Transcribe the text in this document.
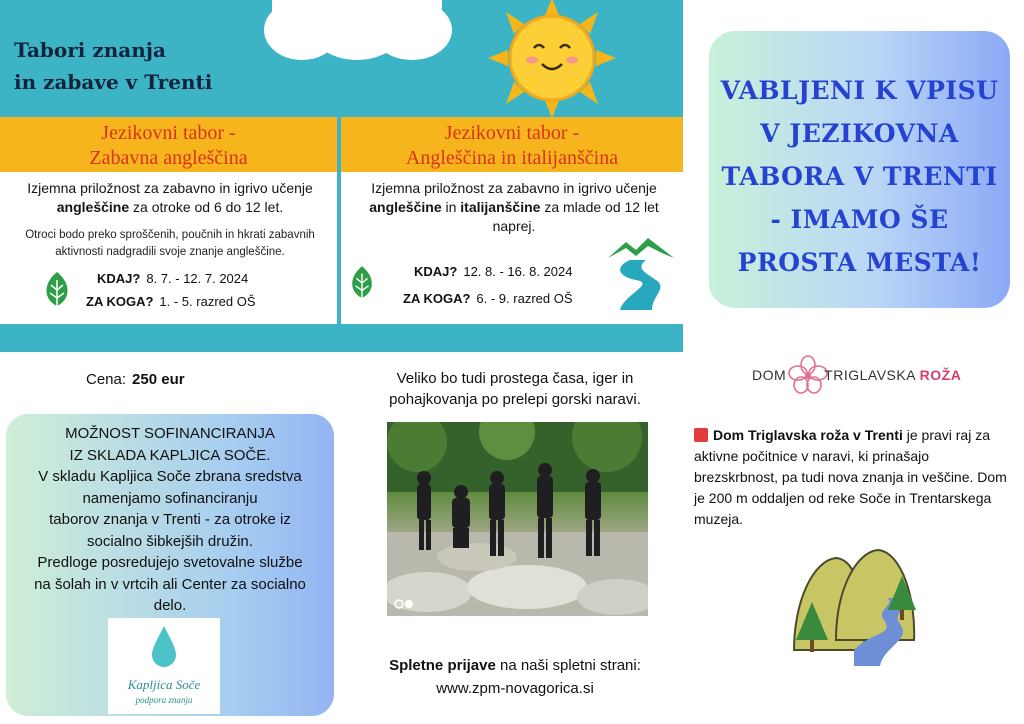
Tabori znanja
in zabave v Trenti
Jezikovni tabor -
Zabavna angleščina
Izjemna priložnost za zabavno in igrivo učenje angleščine za otroke od 6 do 12 let.
Otroci bodo preko sproščenih, poučnih in hkrati zabavnih aktivnosti nadgradili svoje znanje angleščine.
KDAJ? 8. 7. - 12. 7. 2024
ZA KOGA? 1. - 5. razred OŠ
Jezikovni tabor -
Angleščina in italijanščina
Izjemna priložnost za zabavno in igrivo učenje angleščine in italijanščine za mlade od 12 let naprej.
KDAJ? 12. 8. - 16. 8. 2024
ZA KOGA? 6. - 9. razred OŠ
VABLJENI K VPISU
V JEZIKOVNA
TABORA V TRENTI
- IMAMO ŠE
PROSTA MESTA!
DOM	TRIGLAVSKA ROŽA
Cena: 250 eur
MOŽNOST SOFINANCIRANJA
IZ SKLADA KAPLJICA SOČE.
V skladu Kapljica Soče zbrana sredstva
namenjamo sofinanciranju
taborov znanja v Trenti - za otroke iz
socialno šibkejših družin.
Predloge posredujejo svetovalne službe
na šolah in v vrtcih ali Center za socialno
delo.
Kapljica Soče
podpora znanju
Veliko bo tudi prostega časa, iger in pohajkovanja po prelepi gorski naravi.
Spletne prijave na naši spletni strani:
www.zpm-novagorica.si
Dom Triglavska roža v Trenti je pravi raj za aktivne počitnice v naravi, ki prinašajo brezskrbnost, pa tudi nova znanja in veščine. Dom je 200 m oddaljen od reke Soče in Trentarskega muzeja.
